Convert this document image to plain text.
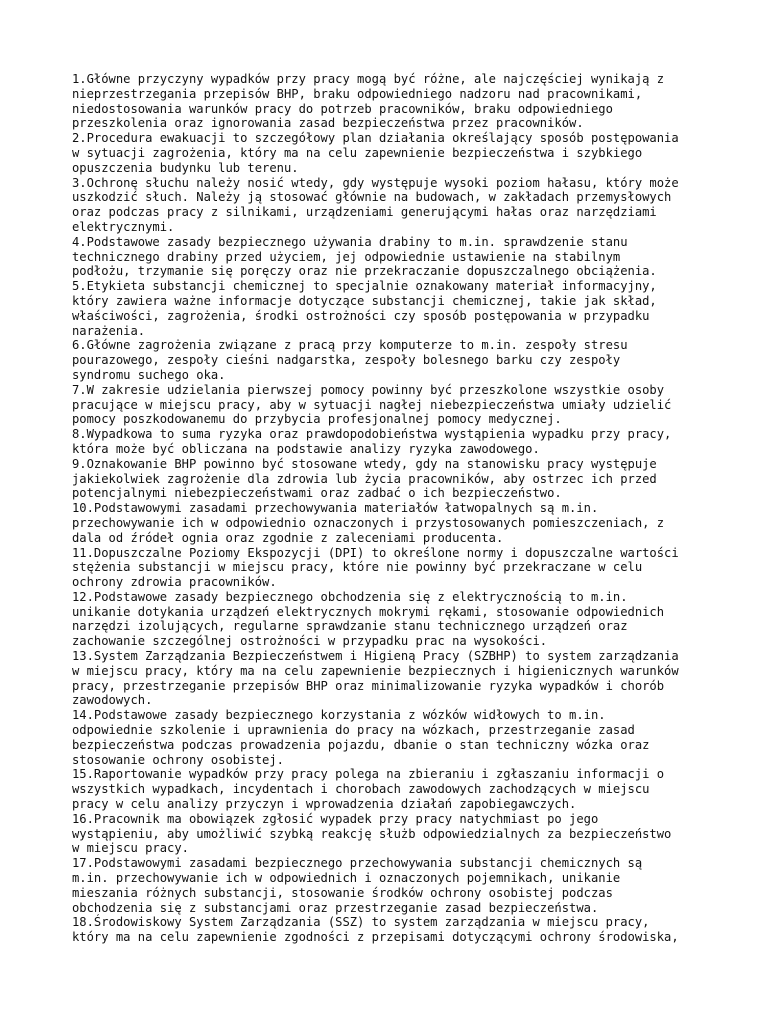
1.Główne przyczyny wypadków przy pracy mogą być różne, ale najczęściej wynikają z
nieprzestrzegania przepisów BHP, braku odpowiedniego nadzoru nad pracownikami,
niedostosowania warunków pracy do potrzeb pracowników, braku odpowiedniego
przeszkolenia oraz ignorowania zasad bezpieczeństwa przez pracowników.
2.Procedura ewakuacji to szczegółowy plan działania określający sposób postępowania
w sytuacji zagrożenia, który ma na celu zapewnienie bezpieczeństwa i szybkiego
opuszczenia budynku lub terenu.
3.Ochronę słuchu należy nosić wtedy, gdy występuje wysoki poziom hałasu, który może
uszkodzić słuch. Należy ją stosować głównie na budowach, w zakładach przemysłowych
oraz podczas pracy z silnikami, urządzeniami generującymi hałas oraz narzędziami
elektrycznymi.
4.Podstawowe zasady bezpiecznego używania drabiny to m.in. sprawdzenie stanu
technicznego drabiny przed użyciem, jej odpowiednie ustawienie na stabilnym
podłożu, trzymanie się poręczy oraz nie przekraczanie dopuszczalnego obciążenia.
5.Etykieta substancji chemicznej to specjalnie oznakowany materiał informacyjny,
który zawiera ważne informacje dotyczące substancji chemicznej, takie jak skład,
właściwości, zagrożenia, środki ostrożności czy sposób postępowania w przypadku
narażenia.
6.Główne zagrożenia związane z pracą przy komputerze to m.in. zespoły stresu
pourazowego, zespoły cieśni nadgarstka, zespoły bolesnego barku czy zespoły
syndromu suchego oka.
7.W zakresie udzielania pierwszej pomocy powinny być przeszkolone wszystkie osoby
pracujące w miejscu pracy, aby w sytuacji nagłej niebezpieczeństwa umiały udzielić
pomocy poszkodowanemu do przybycia profesjonalnej pomocy medycznej.
8.Wypadkowa to suma ryzyka oraz prawdopodobieństwa wystąpienia wypadku przy pracy,
która może być obliczana na podstawie analizy ryzyka zawodowego.
9.Oznakowanie BHP powinno być stosowane wtedy, gdy na stanowisku pracy występuje
jakiekolwiek zagrożenie dla zdrowia lub życia pracowników, aby ostrzec ich przed
potencjalnymi niebezpieczeństwami oraz zadbać o ich bezpieczeństwo.
10.Podstawowymi zasadami przechowywania materiałów łatwopalnych są m.in.
przechowywanie ich w odpowiednio oznaczonych i przystosowanych pomieszczeniach, z
dala od źródeł ognia oraz zgodnie z zaleceniami producenta.
11.Dopuszczalne Poziomy Ekspozycji (DPI) to określone normy i dopuszczalne wartości
stężenia substancji w miejscu pracy, które nie powinny być przekraczane w celu
ochrony zdrowia pracowników.
12.Podstawowe zasady bezpiecznego obchodzenia się z elektrycznością to m.in.
unikanie dotykania urządzeń elektrycznych mokrymi rękami, stosowanie odpowiednich
narzędzi izolujących, regularne sprawdzanie stanu technicznego urządzeń oraz
zachowanie szczególnej ostrożności w przypadku prac na wysokości.
13.System Zarządzania Bezpieczeństwem i Higieną Pracy (SZBHP) to system zarządzania
w miejscu pracy, który ma na celu zapewnienie bezpiecznych i higienicznych warunków
pracy, przestrzeganie przepisów BHP oraz minimalizowanie ryzyka wypadków i chorób
zawodowych.
14.Podstawowe zasady bezpiecznego korzystania z wózków widłowych to m.in.
odpowiednie szkolenie i uprawnienia do pracy na wózkach, przestrzeganie zasad
bezpieczeństwa podczas prowadzenia pojazdu, dbanie o stan techniczny wózka oraz
stosowanie ochrony osobistej.
15.Raportowanie wypadków przy pracy polega na zbieraniu i zgłaszaniu informacji o
wszystkich wypadkach, incydentach i chorobach zawodowych zachodzących w miejscu
pracy w celu analizy przyczyn i wprowadzenia działań zapobiegawczych.
16.Pracownik ma obowiązek zgłosić wypadek przy pracy natychmiast po jego
wystąpieniu, aby umożliwić szybką reakcję służb odpowiedzialnych za bezpieczeństwo
w miejscu pracy.
17.Podstawowymi zasadami bezpiecznego przechowywania substancji chemicznych są
m.in. przechowywanie ich w odpowiednich i oznaczonych pojemnikach, unikanie
mieszania różnych substancji, stosowanie środków ochrony osobistej podczas
obchodzenia się z substancjami oraz przestrzeganie zasad bezpieczeństwa.
18.Środowiskowy System Zarządzania (SSZ) to system zarządzania w miejscu pracy,
który ma na celu zapewnienie zgodności z przepisami dotyczącymi ochrony środowiska,
